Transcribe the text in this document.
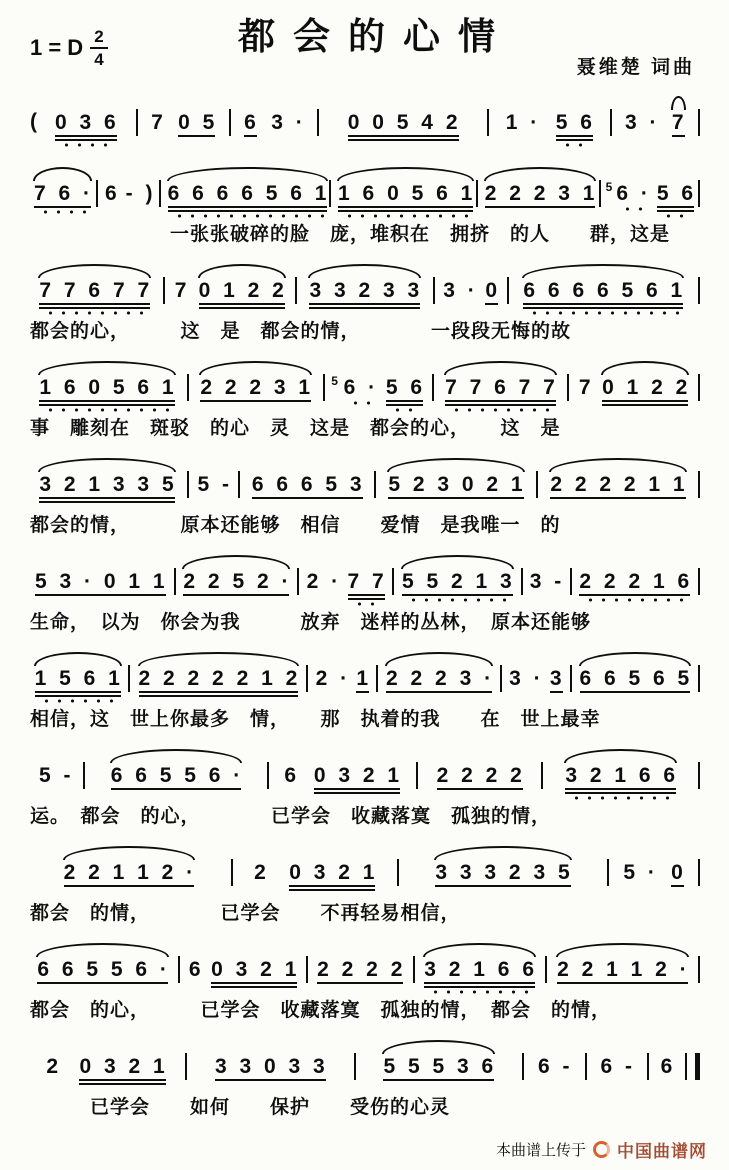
1 = D $\frac{2}{4}$	都会的心情
聂维楚 词曲
( 0 3 6 7 0 5 6 3 · 0 0 5 4 2 1 · 5 6 3 · 7
7 6 · 6 - ) 6 6 6 6 5 6 1 1 6 0 5 6 1 2 2 2 3 1 5 6 · 5 6
　　　　　　　一张张破碎的脸　庞，堆积在　拥挤　的人　　群，这是
7 7 6 7 7 7 0 1 2 2 3 3 2 3 3 3 · 0 6 6 6 6 5 6 1
都会的心，　　　这　是　都会的情，　　　　一段段无悔的故
1 6 0 5 6 1 2 2 2 3 1 5 6 · 5 6 7 7 6 7 7 7 0 1 2 2
事　雕刻在　斑驳　的心　灵　这是　都会的心，　　这　是
3 2 1 3 3 5 5 - 6 6 6 5 3 5 2 3 0 2 1 2 2 2 2 1 1
都会的情，　　　原本还能够　相信　　爱情　是我唯一　的
5 3 · 0 1 1 2 2 5 2 · 2 · 7 7 5 5 2 1 3 3 - 2 2 2 1 6
生命，　以为　你会为我　　　放弃　迷样的丛林，　原本还能够
1 5 6 1 2 2 2 2 2 1 2 2 · 1 2 2 2 3 · 3 · 3 6 6 5 6 5
相信，这　世上你最多　情，　　那　执着的我　　在　世上最幸
5 - 6 6 5 5 6 · 6 0 3 2 1 2 2 2 2 3 2 1 6 6
运。　都会　的心，　　　　已学会　收藏落寞　孤独的情，
2 2 1 1 2 ·	2 0 3 2 1	3 3 3 2 3 5	5 · 0
都会　的情，　　　　已学会　　不再轻易相信，
6 6 5 5 6 · 6 0 3 2 1 2 2 2 2 3 2 1 6 6 2 2 1 1 2 ·
都会　的心，　　　已学会　收藏落寞　孤独的情，　都会　的情，
2 0 3 2 1 3 3 0 3 3	5 5 5 3 6 6 - 6 - 6
　　　已学会　　如何　　保护　　受伤的心灵
本曲谱上传于 中国曲谱网
